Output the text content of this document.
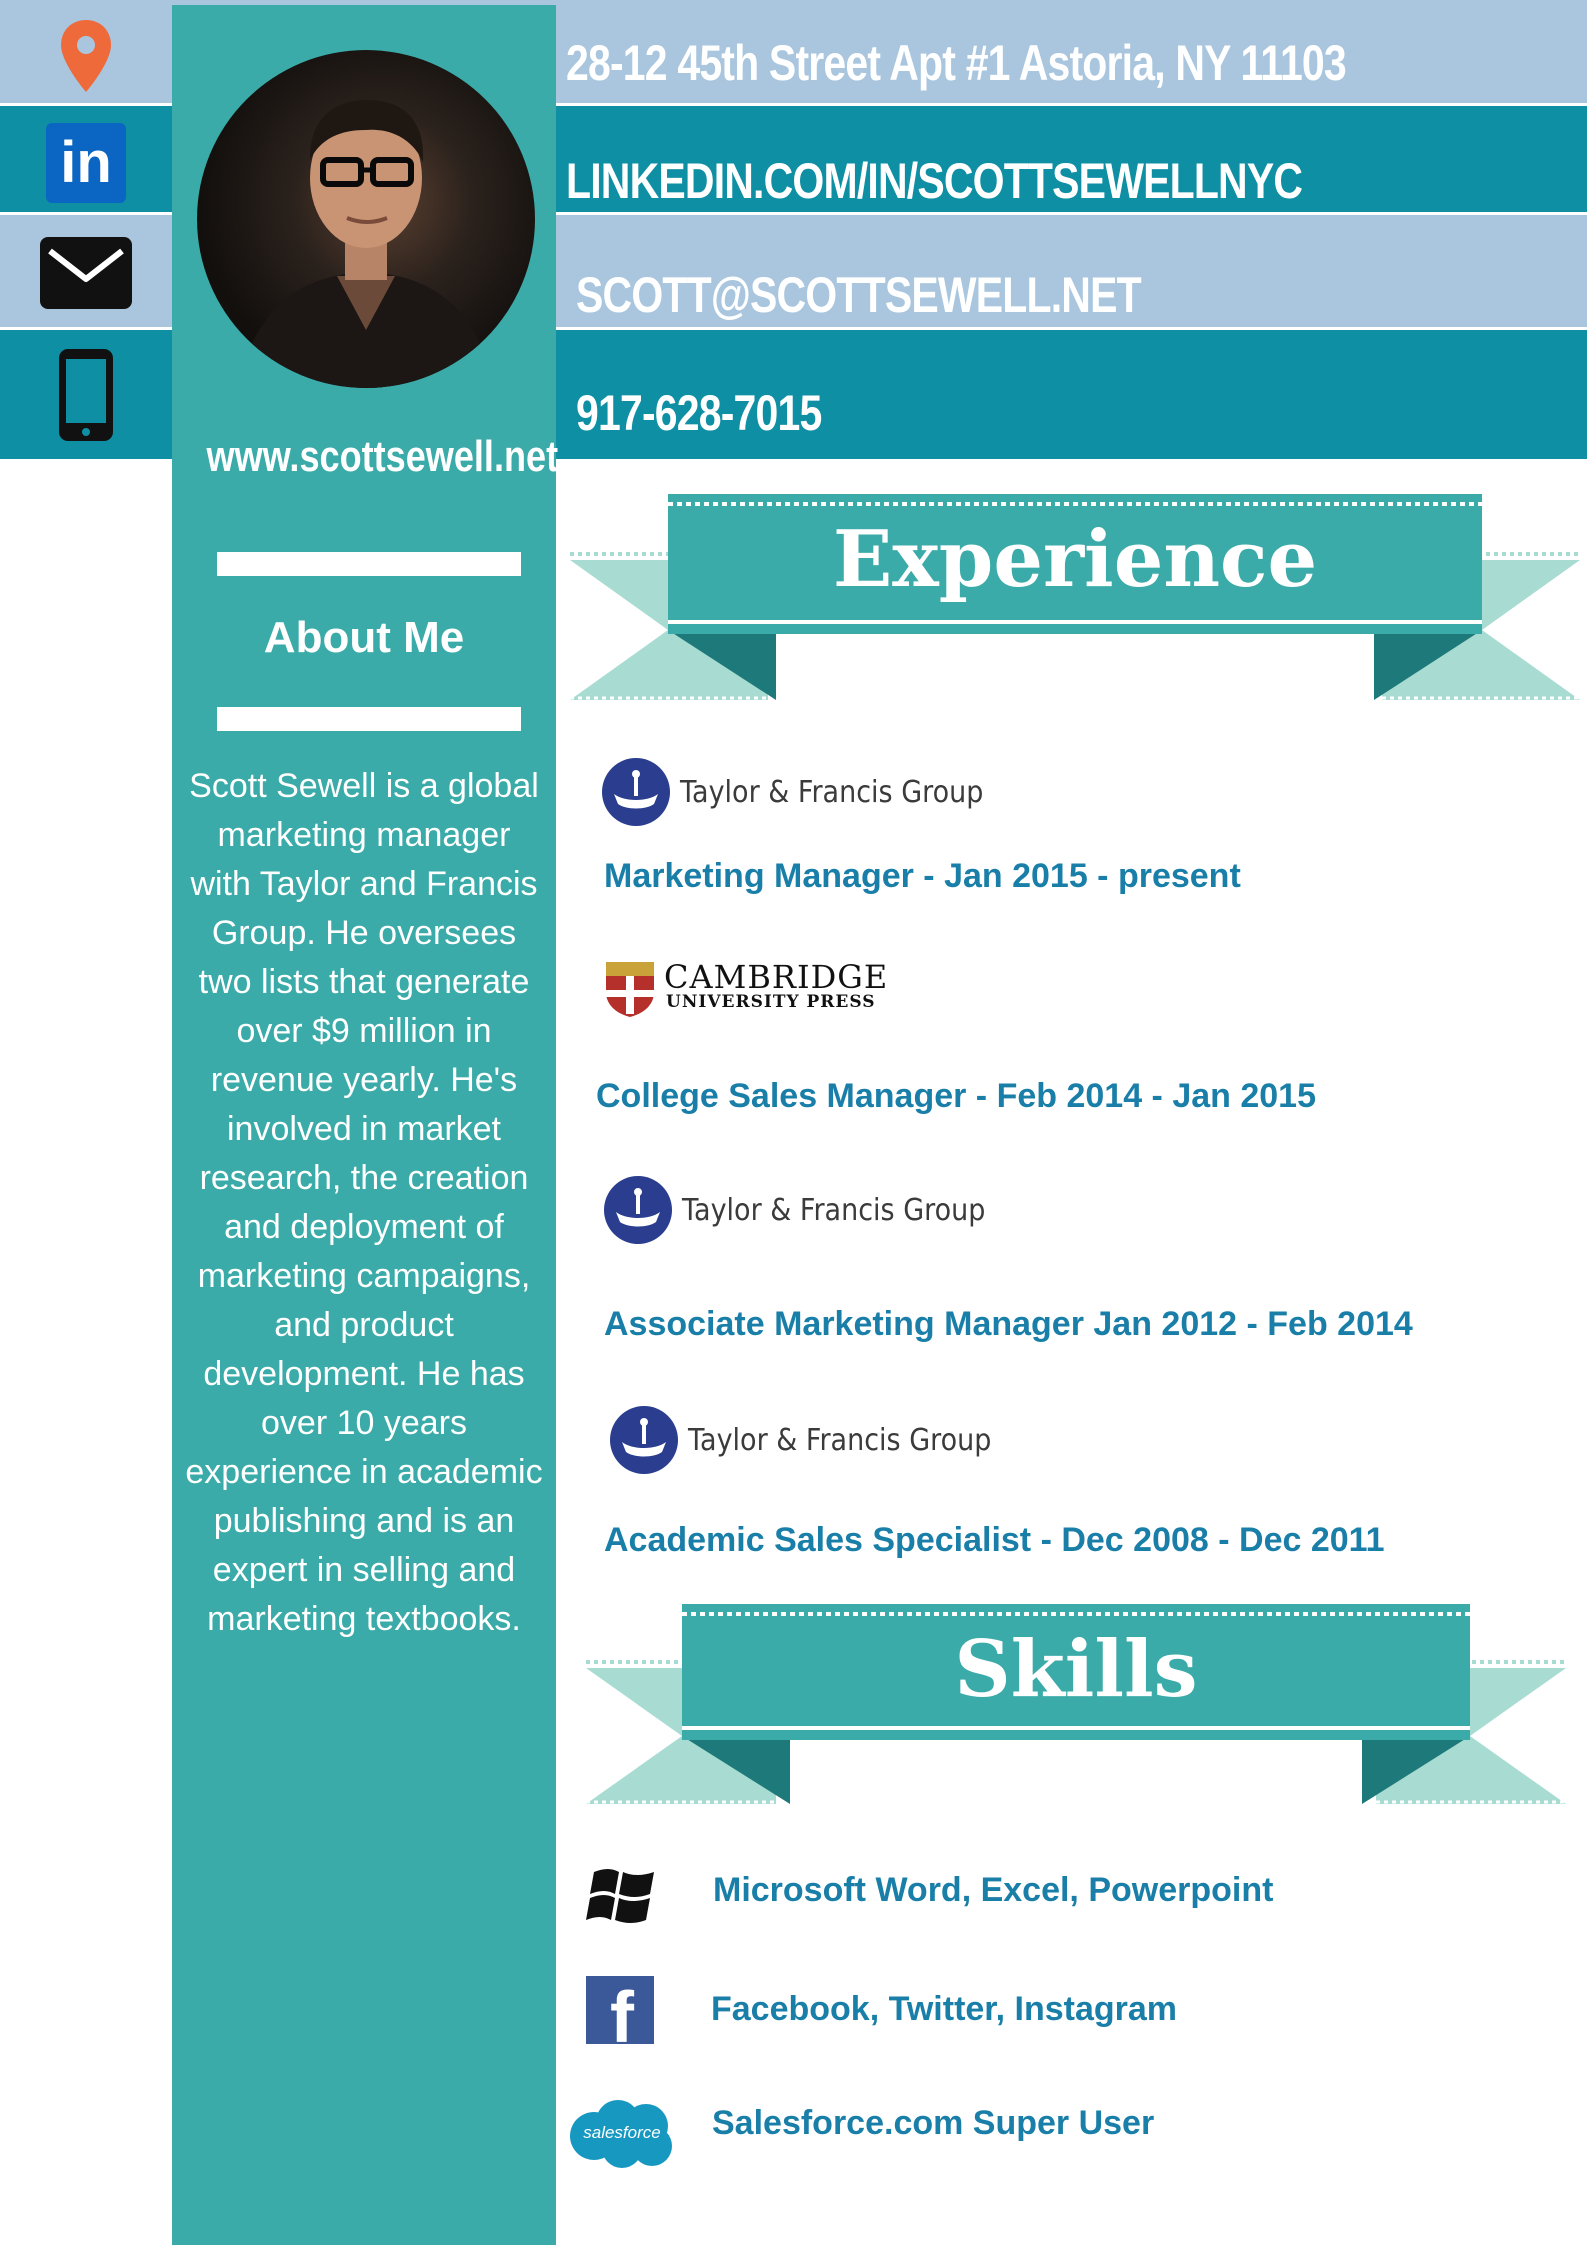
in
28-12 45th Street Apt #1 Astoria, NY 11103
LINKEDIN.COM/IN/SCOTTSEWELLNYC
SCOTT@SCOTTSEWELL.NET
917-628-7015
www.scottsewell.net
About Me
Scott Sewell is a global marketing manager with Taylor and Francis Group. He oversees two lists that generate over $9 million in revenue yearly. He's involved in market research, the creation and deployment of marketing campaigns, and product development. He has over 10 years experience in academic publishing and is an expert in selling and marketing textbooks.
Experience
Taylor & Francis Group
Marketing Manager - Jan 2015 - present
CAMBRIDGE
UNIVERSITY PRESS
College Sales Manager - Feb 2014 - Jan 2015
Taylor & Francis Group
Associate Marketing Manager Jan 2012 - Feb 2014
Taylor & Francis Group
Academic Sales Specialist - Dec 2008 - Dec 2011
Skills
Microsoft Word, Excel, Powerpoint
f Facebook, Twitter, Instagram
salesforce	Salesforce.com Super User
